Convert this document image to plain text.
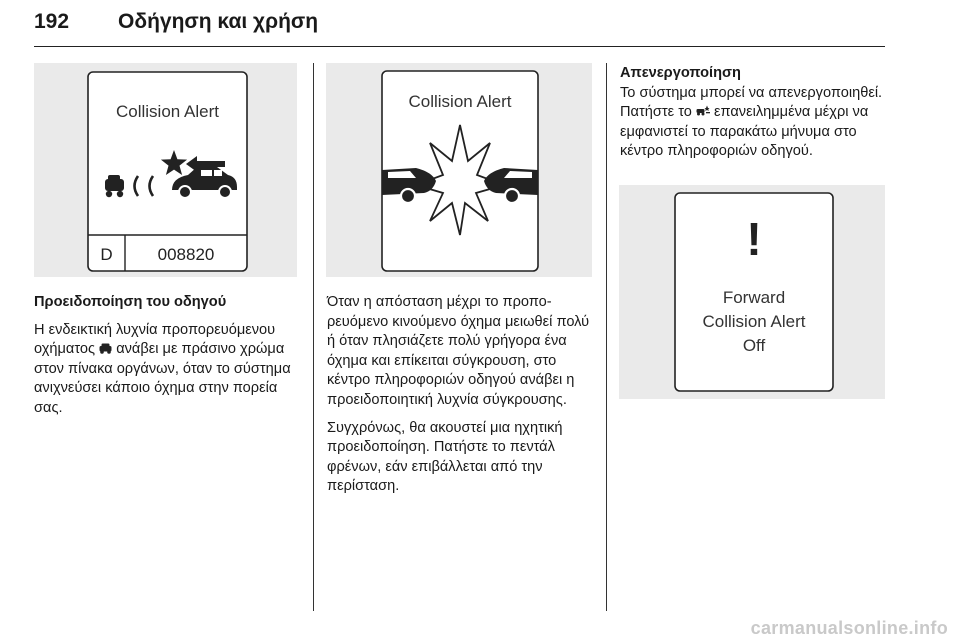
192 Οδήγηση και χρήση
Collision Alert
D	008820
Collision Alert
!
Forward
Collision Alert
Off

Προειδοποίηση του οδηγού

Η ενδεικτική λυχνία προπορευόμενου οχήματος ανάβει με πράσινο χρώμα στον πίνακα οργάνων, όταν το σύστημα ανιχνεύσει κάποιο όχημα στην πορεία σας.

Όταν η απόσταση μέχρι το προπορευόμενο κινούμενο όχημα μειωθεί πολύ ή όταν πλησιάζετε πολύ γρήγορα ένα όχημα και επίκειται σύγκρουση, στο κέντρο πληροφοριών οδηγού ανάβει η προειδοποιητική λυχνία σύγκρουσης.

Συγχρόνως, θα ακουστεί μια ηχητική προειδοποίηση. Πατήστε το πεντάλ φρένων, εάν επιβάλλεται από την περίσταση.

Απενεργοποίηση

Το σύστημα μπορεί να απενεργοποιηθεί. Πατήστε το επανειλημμένα μέχρι να εμφανιστεί το παρακάτω μήνυμα στο κέντρο πληροφοριών οδηγού.

carmanualsonline.info
